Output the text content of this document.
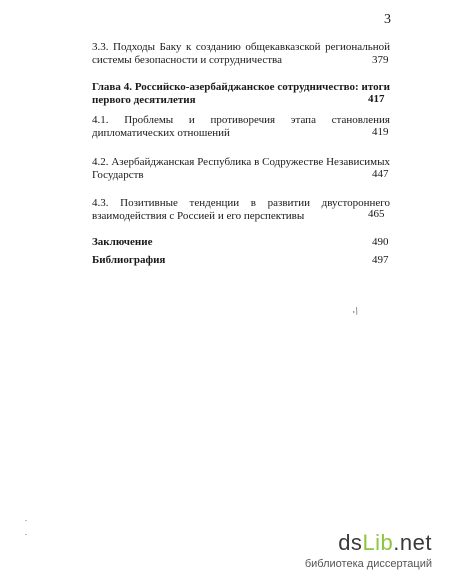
3
3.3. Подходы Баку к созданию общекавказской региональной системы безопасности и сотрудничества	379
Глава 4. Российско-азербайджанское сотрудничество: итоги первого десятилетия	417
4.1. Проблемы и противоречия этапа становления дипломатических отношений	419
4.2. Азербайджанская Республика в Содружестве Независимых Государств	447
4.3. Позитивные тенденции в развитии двустороннего взаимодействия с Россией и его перспективы	465
Заключение	490
Библиография	497
·/
dsLib.net
библиотека диссертаций
